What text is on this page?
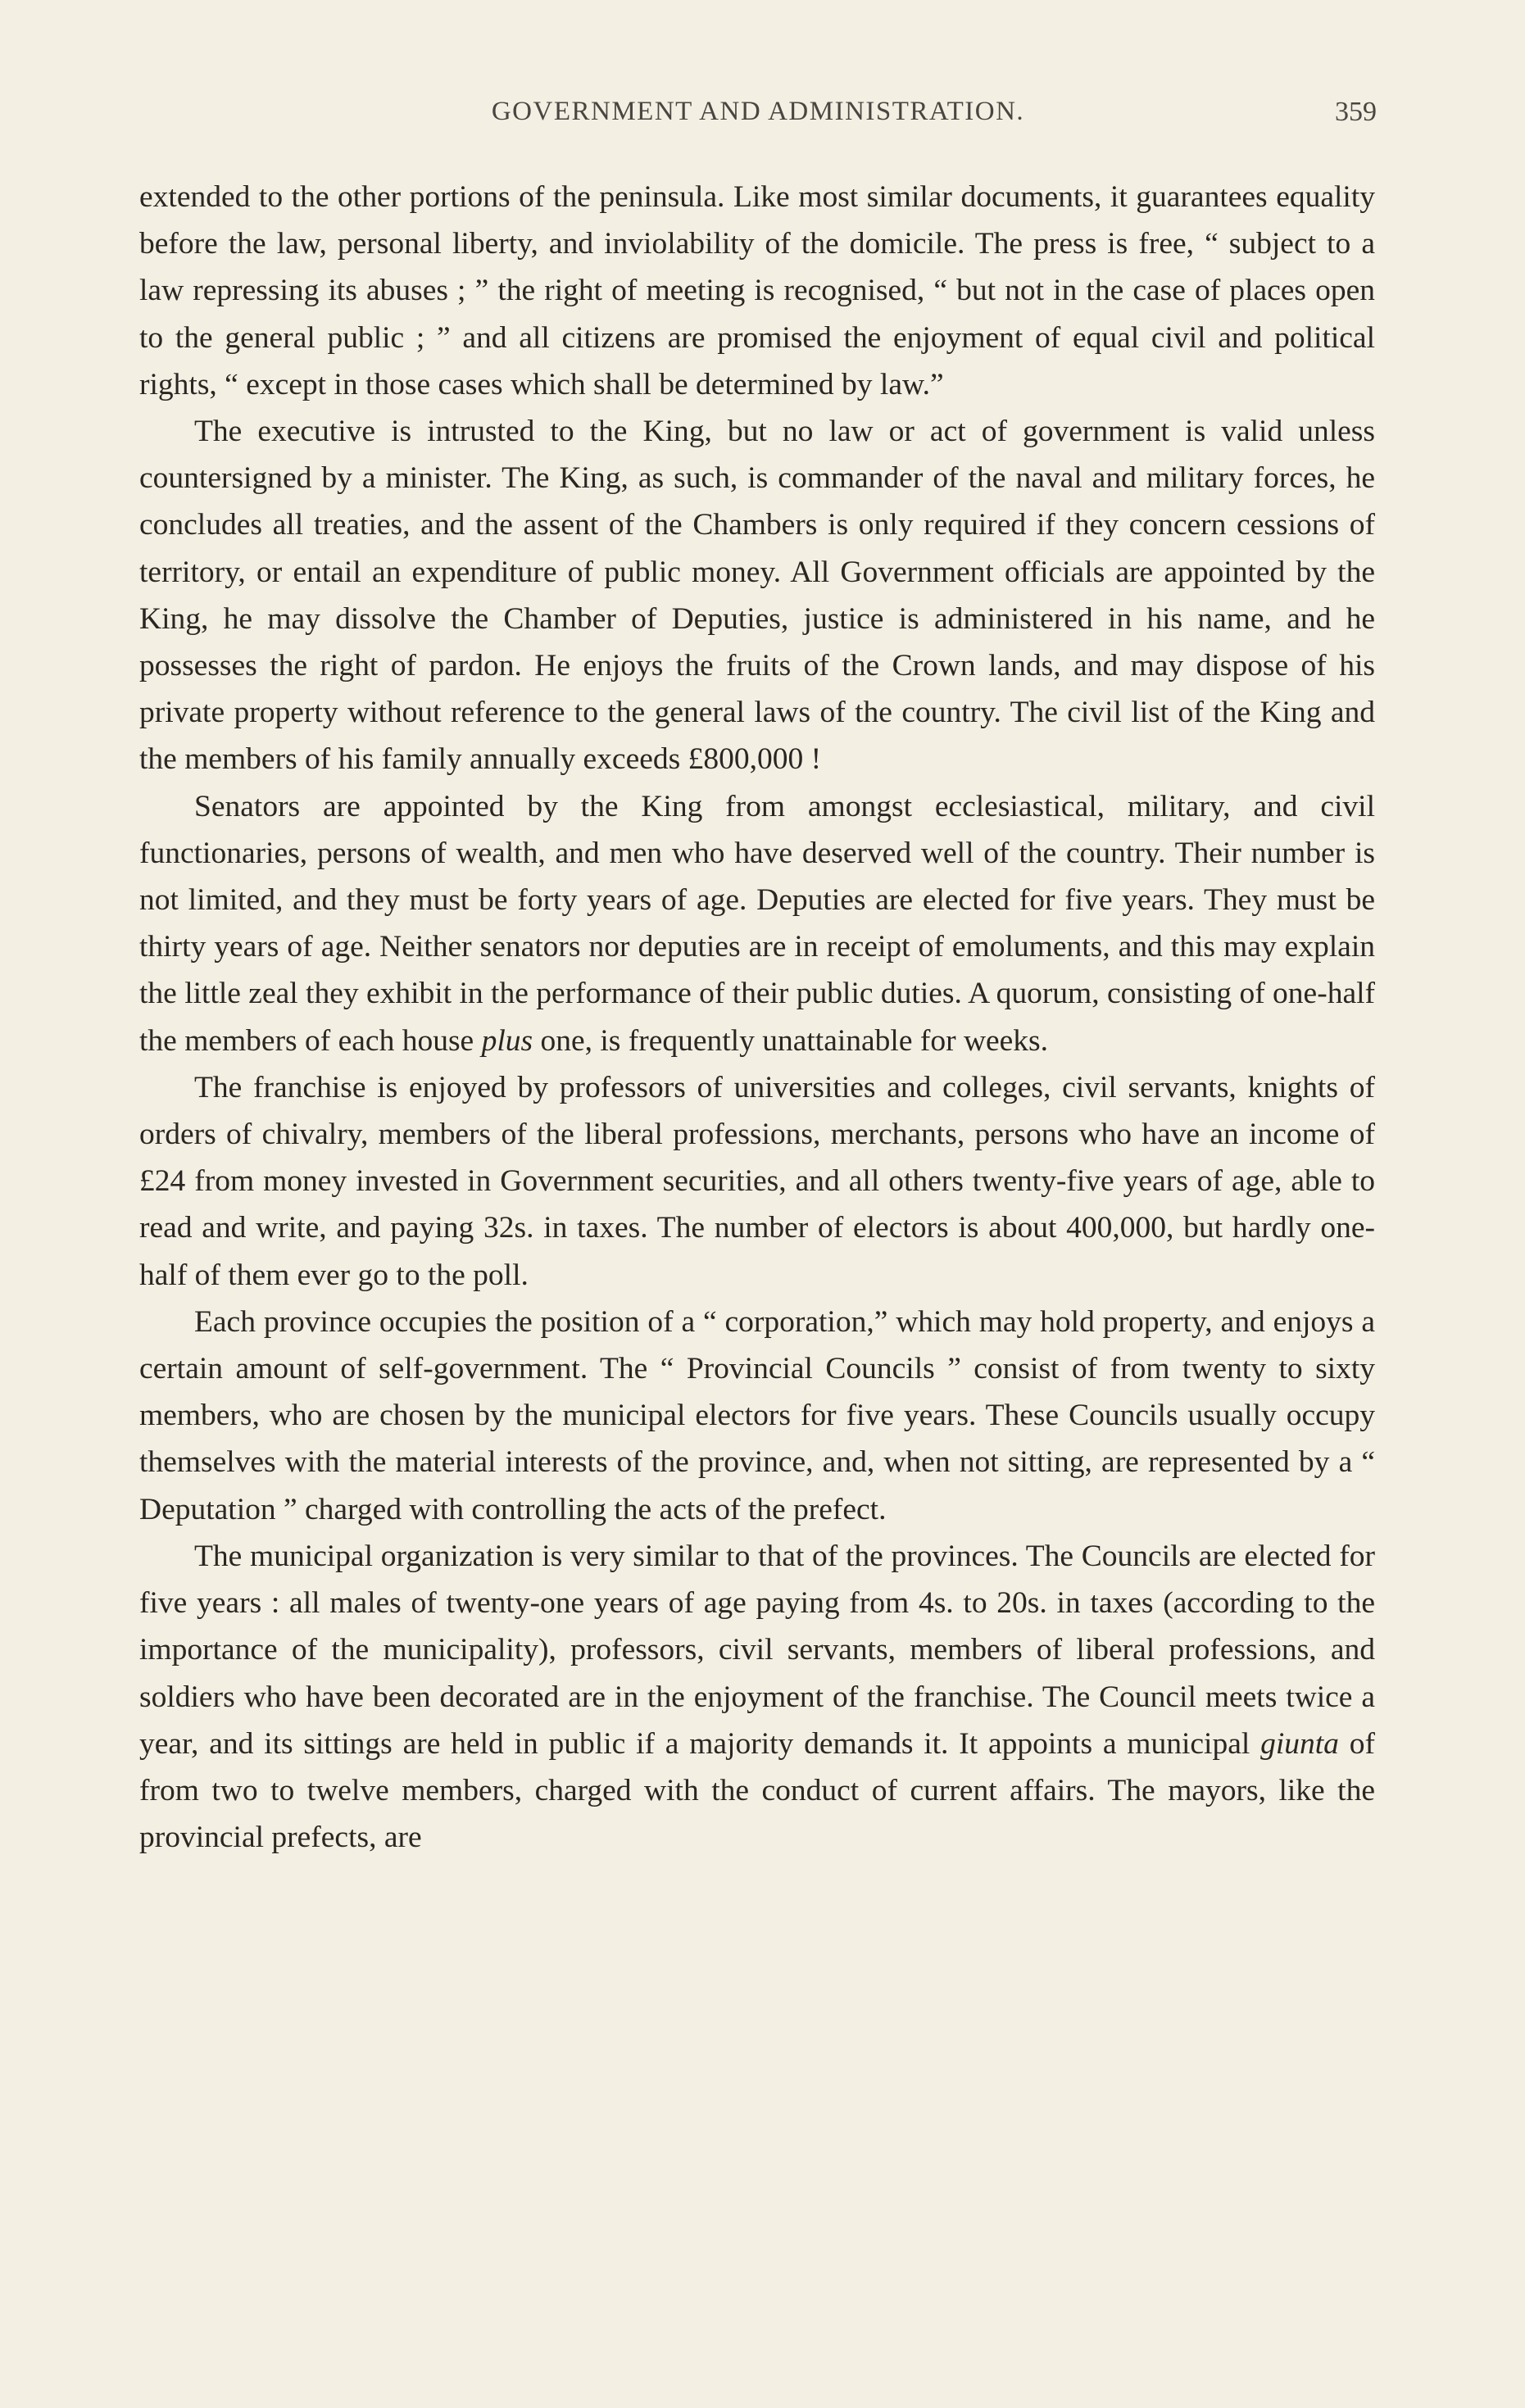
GOVERNMENT AND ADMINISTRATION.	359

extended to the other portions of the peninsula. Like most similar documents, it guarantees equality before the law, personal liberty, and inviolability of the domicile. The press is free, “ subject to a law repressing its abuses ; ” the right of meeting is recognised, “ but not in the case of places open to the general public ; ” and all citizens are promised the enjoyment of equal civil and political rights, “ except in those cases which shall be determined by law.”

The executive is intrusted to the King, but no law or act of government is valid unless countersigned by a minister. The King, as such, is commander of the naval and military forces, he concludes all treaties, and the assent of the Chambers is only required if they concern cessions of territory, or entail an expenditure of public money. All Government officials are appointed by the King, he may dissolve the Chamber of Deputies, justice is administered in his name, and he possesses the right of pardon. He enjoys the fruits of the Crown lands, and may dispose of his private property without reference to the general laws of the country. The civil list of the King and the members of his family annually exceeds £800,000 !

Senators are appointed by the King from amongst ecclesiastical, military, and civil functionaries, persons of wealth, and men who have deserved well of the country. Their number is not limited, and they must be forty years of age. Deputies are elected for five years. They must be thirty years of age. Neither senators nor deputies are in receipt of emoluments, and this may explain the little zeal they exhibit in the performance of their public duties. A quorum, consisting of one-half the members of each house plus one, is frequently unattainable for weeks.

The franchise is enjoyed by professors of universities and colleges, civil servants, knights of orders of chivalry, members of the liberal professions, merchants, persons who have an income of £24 from money invested in Government securities, and all others twenty-five years of age, able to read and write, and paying 32s. in taxes. The number of electors is about 400,000, but hardly one-half of them ever go to the poll.

Each province occupies the position of a “ corporation,” which may hold property, and enjoys a certain amount of self-government. The “ Provincial Councils ” consist of from twenty to sixty members, who are chosen by the municipal electors for five years. These Councils usually occupy themselves with the material interests of the province, and, when not sitting, are represented by a “ Deputation ” charged with controlling the acts of the prefect.

The municipal organization is very similar to that of the provinces. The Councils are elected for five years : all males of twenty-one years of age paying from 4s. to 20s. in taxes (according to the importance of the municipality), professors, civil servants, members of liberal professions, and soldiers who have been decorated are in the enjoyment of the franchise. The Council meets twice a year, and its sittings are held in public if a majority demands it. It appoints a municipal giunta of from two to twelve members, charged with the conduct of current affairs. The mayors, like the provincial prefects, are
